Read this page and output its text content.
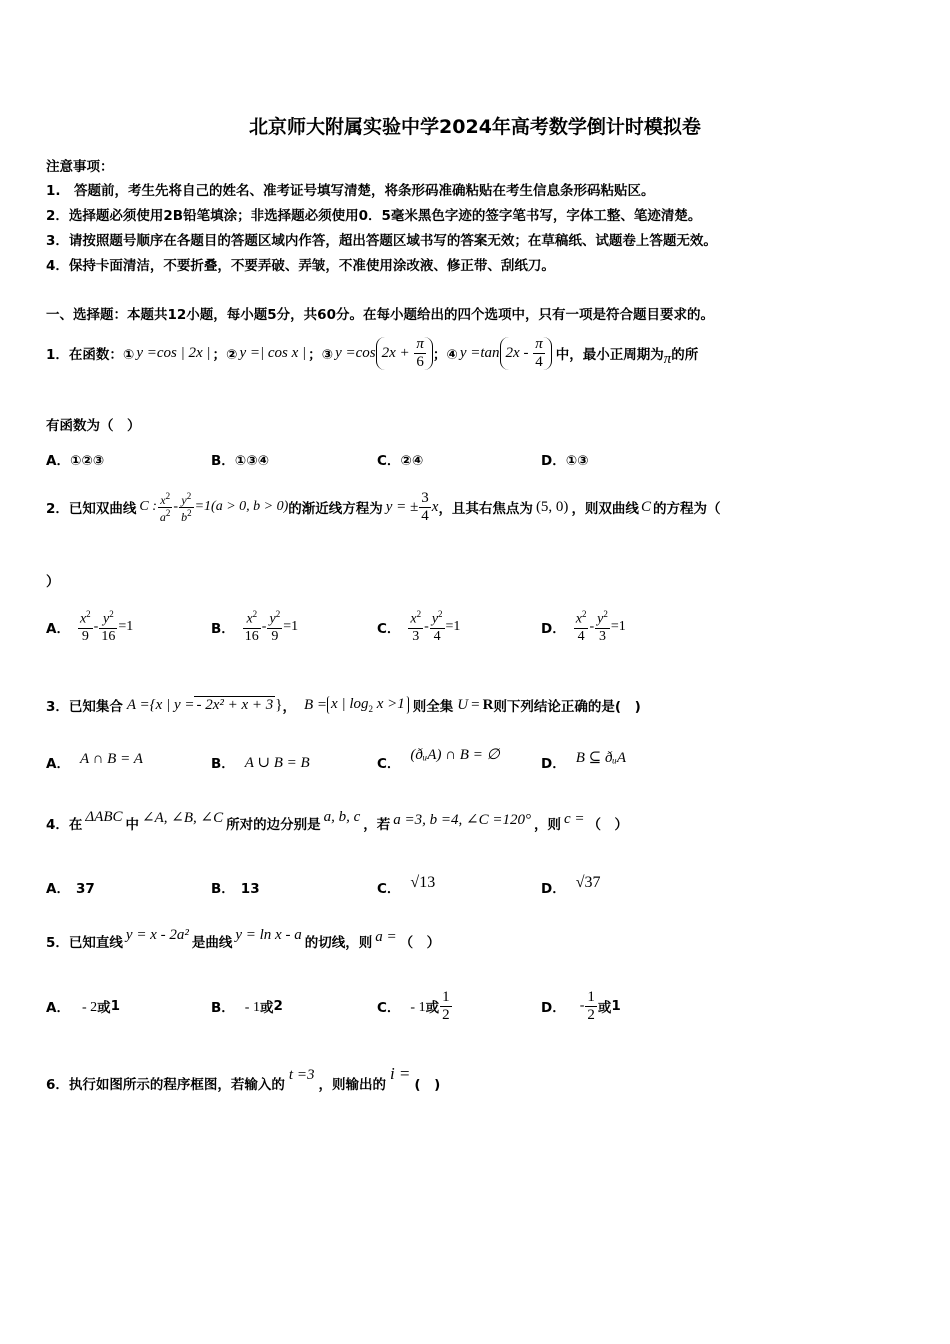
北京师大附属实验中学2024年高考数学倒计时模拟卷
注意事项：
1.　答题前，考生先将自己的姓名、准考证号填写清楚，将条形码准确粘贴在考生信息条形码粘贴区。
2．选择题必须使用2B铅笔填涂；非选择题必须使用0．5毫米黑色字迹的签字笔书写，字体工整、笔迹清楚。
3．请按照题号顺序在各题目的答题区域内作答，超出答题区域书写的答案无效；在草稿纸、试题卷上答题无效。
4．保持卡面清洁，不要折叠，不要弄破、弄皱，不准使用涂改液、修正带、刮纸刀。
一、选择题：本题共12小题，每小题5分，共60分。在每小题给出的四个选项中，只有一项是符合题目要求的。
1．在函数：① y =cos | 2x | ；② y =| cos x | ；③ y =cos $2x + \frac{\pi}{6}$ ；④ y =tan $2x - \frac{\pi}{4}$ 中，最小正周期为 π 的所
有函数为（　）
A．①②③	B．①③④	C．②④	D．①③
2．已知双曲线 C : $\frac{x^2}{a^2} - \frac{y^2}{b^2} =1(a > 0$, b > 0) 的渐近线方程为 y = ± $\frac{3}{4}$ x ，且其右焦点为 (5, 0) ，则双曲线 C 的方程为（
）
A． $\frac{x^2}{9} - \frac{y^2}{16} =1$	B． $\frac{x^2}{16} - \frac{y^2}{9} =1$	C． $\frac{x^2}{3} - \frac{y^2}{4} =1$	D． $\frac{x^2}{4} - \frac{y^2}{3} =1$
3．已知集合 A ={x | y = - 2x² + x + 3 } ， B = x | $\log_2 x >1$ 则全集 U = R 则下列结论正确的是(　)
A． A ∩ B = A	B． A ∪ B = B	C．(ðᵤA) ∩ B = ∅
D． B ⊆ ðᵤA
4．在
ΔABC
中 ∠A, ∠B, ∠C 所对的边分别是
a, b, c
，若 a =3, b =4, ∠C =120° ，则 c = （　）
A． 37	B． 13	C． √13	D． √37
5．已知直线
y = x - 2a²
是曲线
y = ln x - a
的切线，则 a = （　）
A． - 2 或 1	B． - 1 或 2	C． - 1 或 $\frac{1}{2}$	D． - $\frac{1}{2}$ 或 1
6．执行如图所示的程序框图，若输入的
t =3
，则输出的
i =
(　)
